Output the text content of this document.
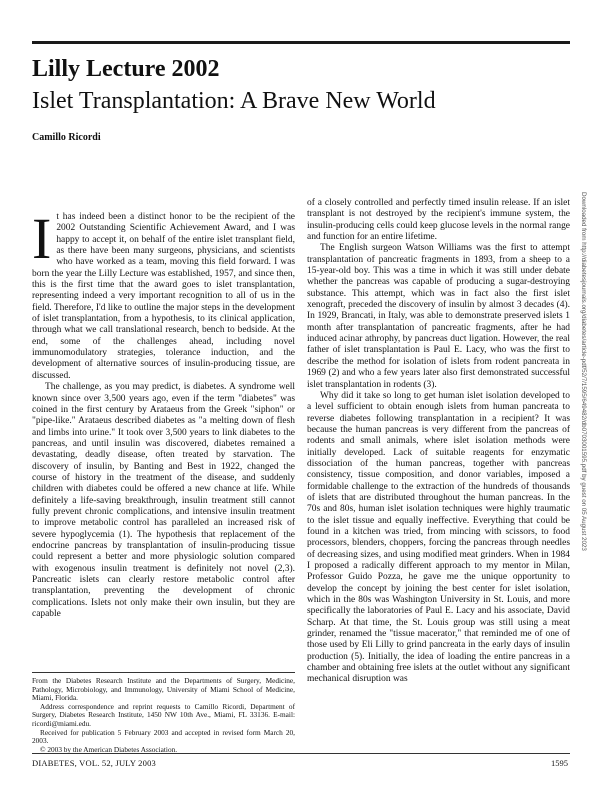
Lilly Lecture 2002
Islet Transplantation: A Brave New World
Camillo Ricordi

It has indeed been a distinct honor to be the recipient of the 2002 Outstanding Scientific Achievement Award, and I was happy to accept it, on behalf of the entire islet transplant field, as there have been many surgeons, physicians, and scientists who have worked as a team, moving this field forward. I was born the year the Lilly Lecture was established, 1957, and since then, this is the first time that the award goes to islet transplantation, representing indeed a very important recognition to all of us in the field. Therefore, I'd like to outline the major steps in the development of islet transplantation, from a hypothesis, to its clinical application, through what we call translational research, bench to bedside. At the end, some of the challenges ahead, including novel immunomodulatory strategies, tolerance induction, and the development of alternative sources of insulin-producing tissue, are discussed.

The challenge, as you may predict, is diabetes. A syndrome well known since over 3,500 years ago, even if the term "diabetes" was coined in the first century by Arataeus from the Greek "siphon" or "pipe-like." Arataeus described diabetes as "a melting down of flesh and limbs into urine." It took over 3,500 years to link diabetes to the pancreas, and until insulin was discovered, diabetes remained a devastating, deadly disease, often treated by starvation. The discovery of insulin, by Banting and Best in 1922, changed the course of history in the treatment of the disease, and suddenly children with diabetes could be offered a new chance at life. While definitely a life-saving breakthrough, insulin treatment still cannot fully prevent chronic complications, and intensive insulin treatment to improve metabolic control has paralleled an increased risk of severe hypoglycemia (1). The hypothesis that replacement of the endocrine pancreas by transplantation of insulin-producing tissue could represent a better and more physiologic solution compared with exogenous insulin treatment is definitely not novel (2,3). Pancreatic islets can clearly restore metabolic control after transplantation, preventing the development of chronic complications. Islets not only make their own insulin, but they are capable

of a closely controlled and perfectly timed insulin release. If an islet transplant is not destroyed by the recipient's immune system, the insulin-producing cells could keep glucose levels in the normal range and function for an entire lifetime.

The English surgeon Watson Williams was the first to attempt transplantation of pancreatic fragments in 1893, from a sheep to a 15-year-old boy. This was a time in which it was still under debate whether the pancreas was capable of producing a sugar-destroying substance. This attempt, which was in fact also the first islet xenograft, preceded the discovery of insulin by almost 3 decades (4). In 1929, Brancati, in Italy, was able to demonstrate preserved islets 1 month after transplantation of pancreatic fragments, after he had induced acinar athrophy, by pancreas duct ligation. However, the real father of islet transplantation is Paul E. Lacy, who was the first to describe the method for isolation of islets from rodent pancreata in 1969 (2) and who a few years later also first demonstrated successful islet transplantation in rodents (3).

Why did it take so long to get human islet isolation developed to a level sufficient to obtain enough islets from human pancreata to reverse diabetes following transplantation in a recipient? It was because the human pancreas is very different from the pancreas of rodents and small animals, where islet isolation methods were initially developed. Lack of suitable reagents for enzymatic dissociation of the human pancreas, together with pancreas consistency, tissue composition, and donor variables, imposed a formidable challenge to the extraction of the hundreds of thousands of islets that are distributed throughout the human pancreas. In the 70s and 80s, human islet isolation techniques were highly traumatic to the islet tissue and equally ineffective. Everything that could be found in a kitchen was tried, from mincing with scissors, to food processors, blenders, choppers, forcing the pancreas through needles of decreasing sizes, and using modified meat grinders. When in 1984 I proposed a radically different approach to my mentor in Milan, Professor Guido Pozza, he gave me the unique opportunity to develop the concept by joining the best center for islet isolation, which in the 80s was Washington University in St. Louis, and more specifically the laboratories of Paul E. Lacy and his associate, David Scharp. At that time, the St. Louis group was still using a meat grinder, renamed the "tissue macerator," that reminded me of one of those used by Eli Lilly to grind pancreata in the early days of insulin production (5). Initially, the idea of loading the entire pancreas in a chamber and obtaining free islets at the outlet without any significant mechanical disruption was

From the Diabetes Research Institute and the Departments of Surgery, Medicine, Pathology, Microbiology, and Immunology, University of Miami School of Medicine, Miami, Florida.

Address correspondence and reprint requests to Camillo Ricordi, Department of Surgery, Diabetes Research Institute, 1450 NW 10th Ave., Miami, FL 33136. E-mail: ricordi@miami.edu.

Received for publication 5 February 2003 and accepted in revised form March 20, 2003.

© 2003 by the American Diabetes Association.

DIABETES, VOL. 52, JULY 2003	1595
Downloaded from http://diabetesjournals.org/diabetes/article-pdf/52/7/1595/649482/db0703001595.pdf by guest on 05 August 2023
